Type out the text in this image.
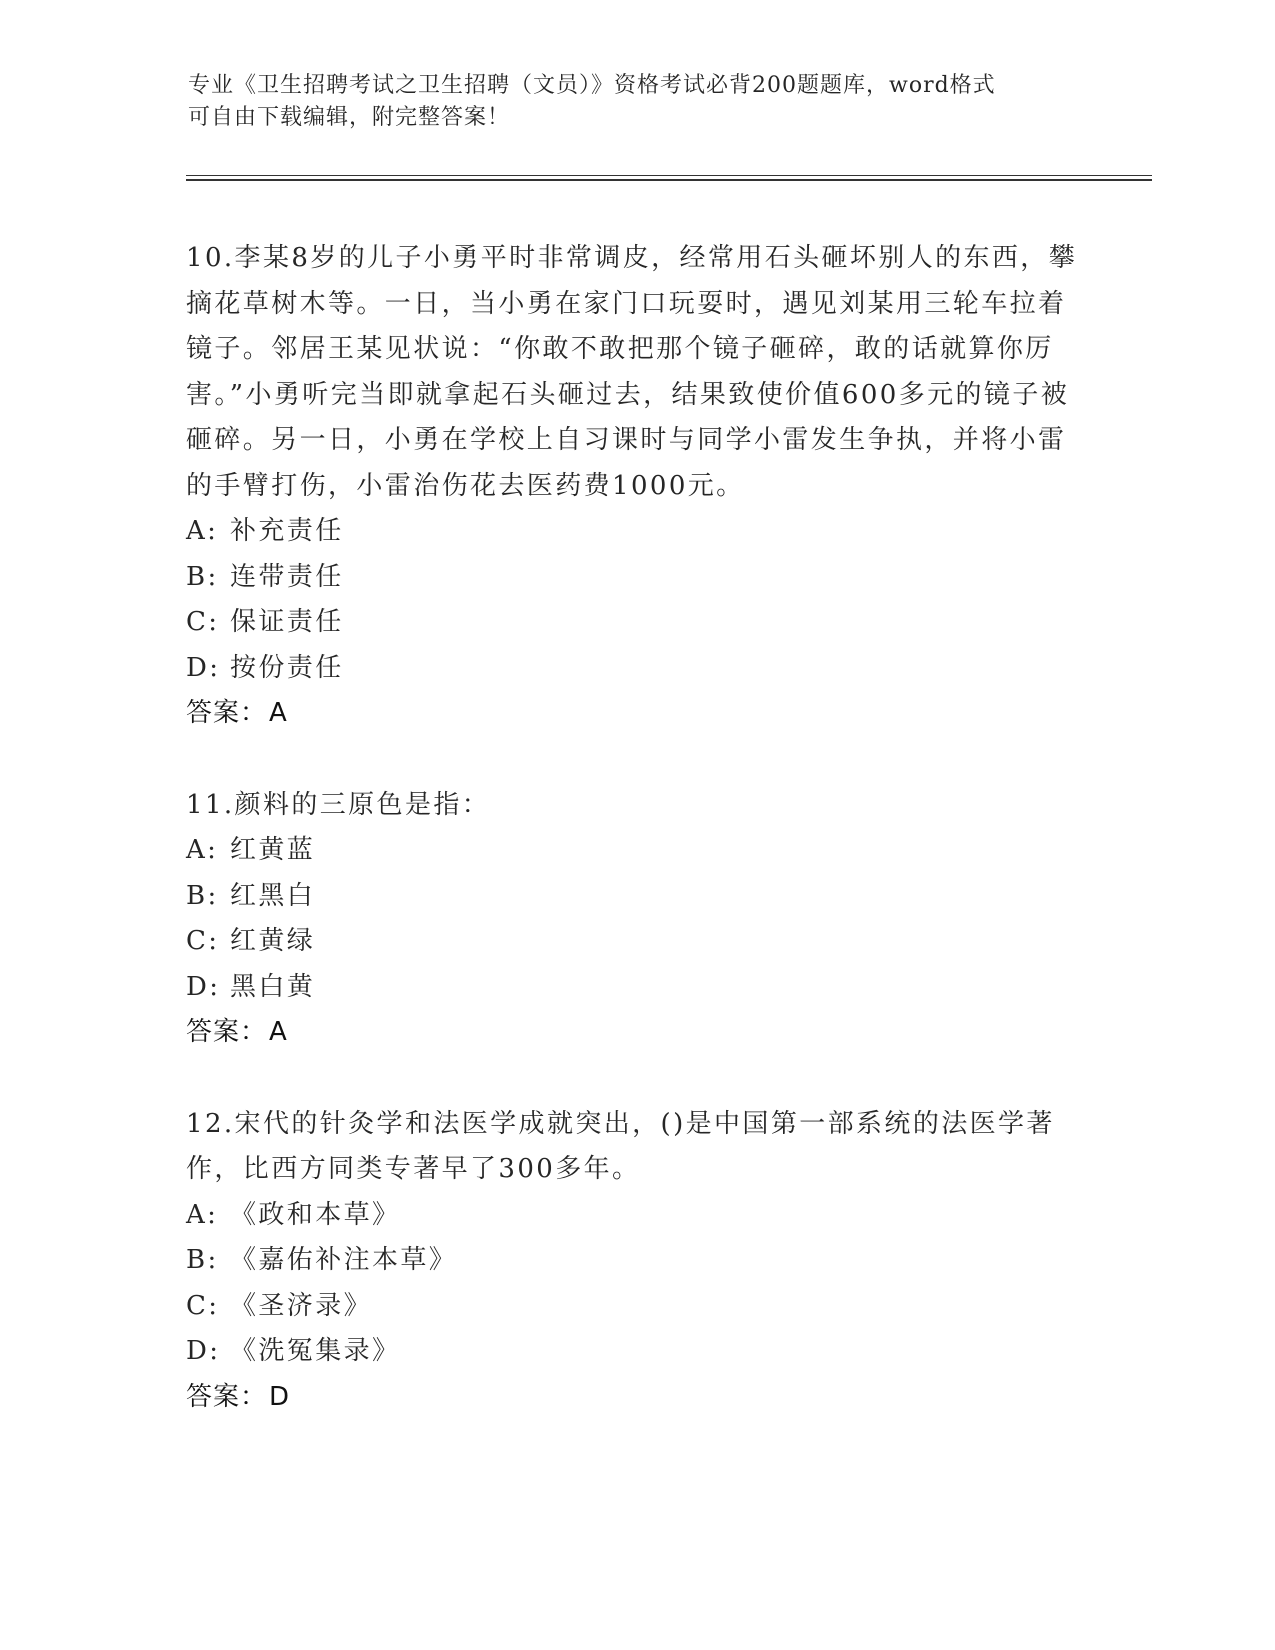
专业《卫生招聘考试之卫生招聘（文员）》资格考试必背200题题库，word格式
可自由下载编辑，附完整答案！
10.李某8岁的儿子小勇平时非常调皮，经常用石头砸坏别人的东西，攀摘花草树木等。一日，当小勇在家门口玩耍时，遇见刘某用三轮车拉着镜子。邻居王某见状说：“你敢不敢把那个镜子砸碎，敢的话就算你厉害。”小勇听完当即就拿起石头砸过去，结果致使价值600多元的镜子被砸碎。另一日，小勇在学校上自习课时与同学小雷发生争执，并将小雷的手臂打伤，小雷治伤花去医药费1000元。
A: 补充责任
B: 连带责任
C: 保证责任
D: 按份责任
答案：A
11.颜料的三原色是指：
A: 红黄蓝
B: 红黑白
C: 红黄绿
D: 黑白黄
答案：A
12.宋代的针灸学和法医学成就突出，()是中国第一部系统的法医学著作，比西方同类专著早了300多年。
A: 《政和本草》
B: 《嘉佑补注本草》
C: 《圣济录》
D: 《洗冤集录》
答案：D
